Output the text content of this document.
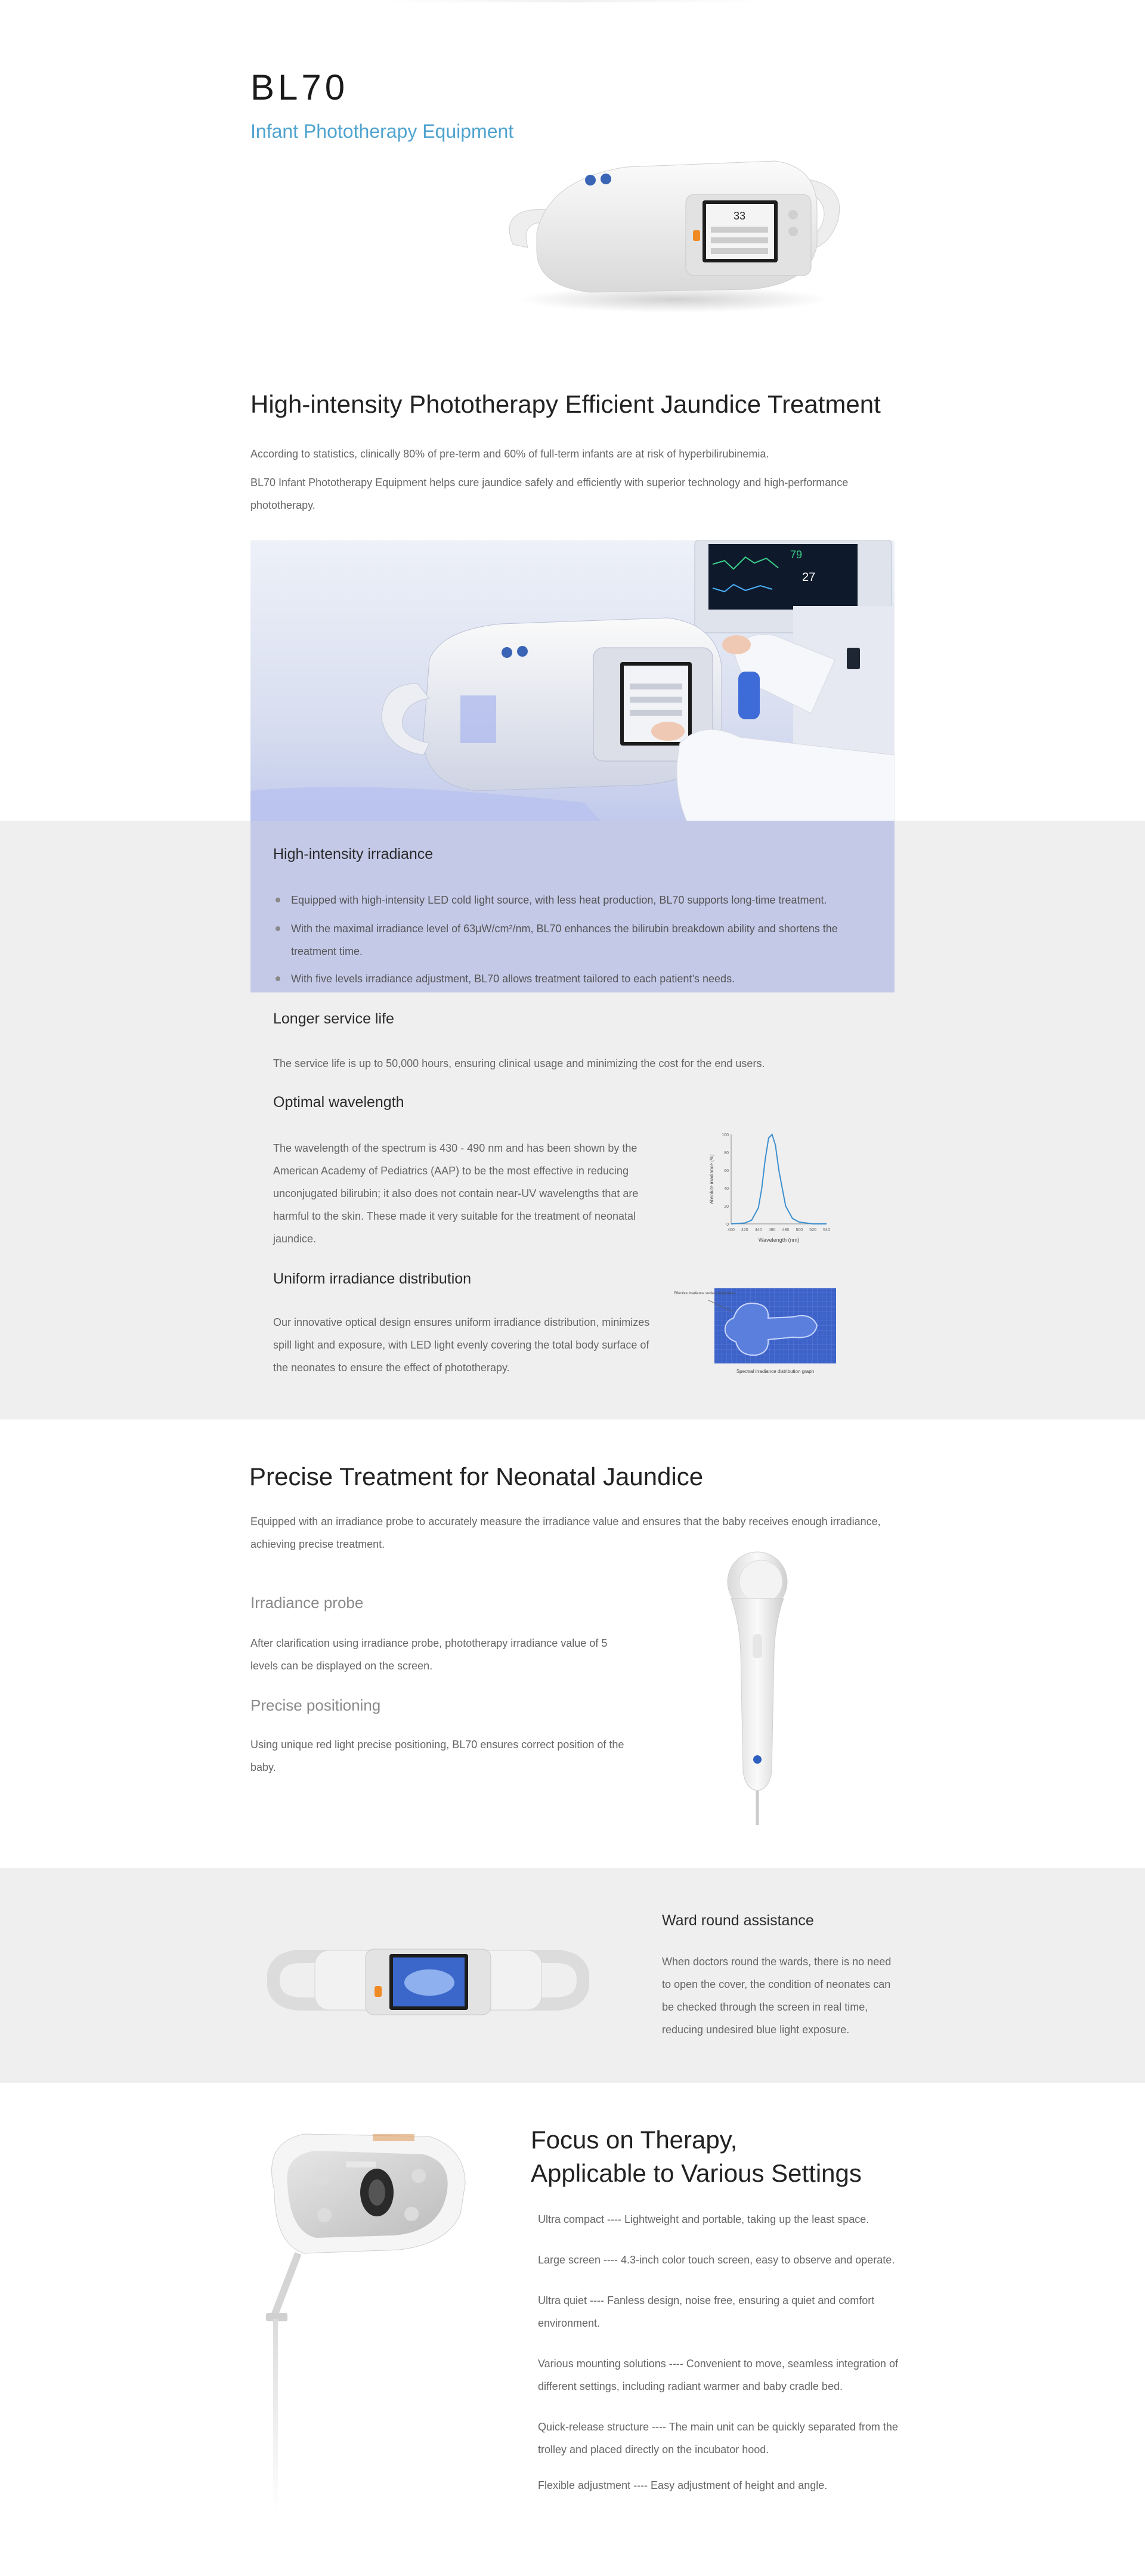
BL70
Infant Phototherapy Equipment
33
High-intensity Phototherapy Efficient Jaundice Treatment
According to statistics, clinically 80% of pre-term and 60% of full-term infants are at risk of hyperbilirubinemia.
BL70 Infant Phototherapy Equipment helps cure jaundice safely and efficiently with superior technology and high-performance phototherapy.
79
27
High-intensity irradiance
Equipped with high-intensity LED cold light source, with less heat production, BL70 supports long-time treatment.
With the maximal irradiance level of 63μW/cm²/nm, BL70 enhances the bilirubin breakdown ability and shortens the treatment time.
With five levels irradiance adjustment, BL70 allows treatment tailored to each patient’s needs.
Longer service life
The service life is up to 50,000 hours, ensuring clinical usage and minimizing the cost for the end users.
Optimal wavelength
The wavelength of the spectrum is 430 - 490 nm and has been shown by the American Academy of Pediatrics (AAP) to be the most effective in reducing unconjugated bilirubin; it also does not contain near-UV wavelengths that are harmful to the skin. These made it very suitable for the treatment of neonatal jaundice.
400 420 440 460 480 500 520 540
0
20
40
60
80
100
Wavelength (nm)
Absolute irradiance (%)
Uniform irradiance distribution
Our innovative optical design ensures uniform irradiance distribution, minimizes spill light and exposure, with LED light evenly covering the total body surface of the neonates to ensure the effect of phototherapy.
Effective Irradiance surface Infant area
Spectral irradiance distribution graph
Precise Treatment for Neonatal Jaundice
Equipped with an irradiance probe to accurately measure the irradiance value and ensures that the baby receives enough irradiance, achieving precise treatment.
Irradiance probe
After clarification using irradiance probe, phototherapy irradiance value of 5 levels can be displayed on the screen.
Precise positioning
Using unique red light precise positioning, BL70 ensures correct position of the baby.
Ward round assistance
When doctors round the wards, there is no need to open the cover, the condition of neonates can be checked through the screen in real time, reducing undesired blue light exposure.
Focus on Therapy,
Applicable to Various Settings
Ultra compact ---- Lightweight and portable, taking up the least space.
Large screen ---- 4.3-inch color touch screen, easy to observe and operate.
Ultra quiet ---- Fanless design, noise free, ensuring a quiet and comfort environment.
Various mounting solutions ---- Convenient to move, seamless integration of different settings, including radiant warmer and baby cradle bed.
Quick-release structure ---- The main unit can be quickly separated from the trolley and placed directly on the incubator hood.
Flexible adjustment ---- Easy adjustment of height and angle.
